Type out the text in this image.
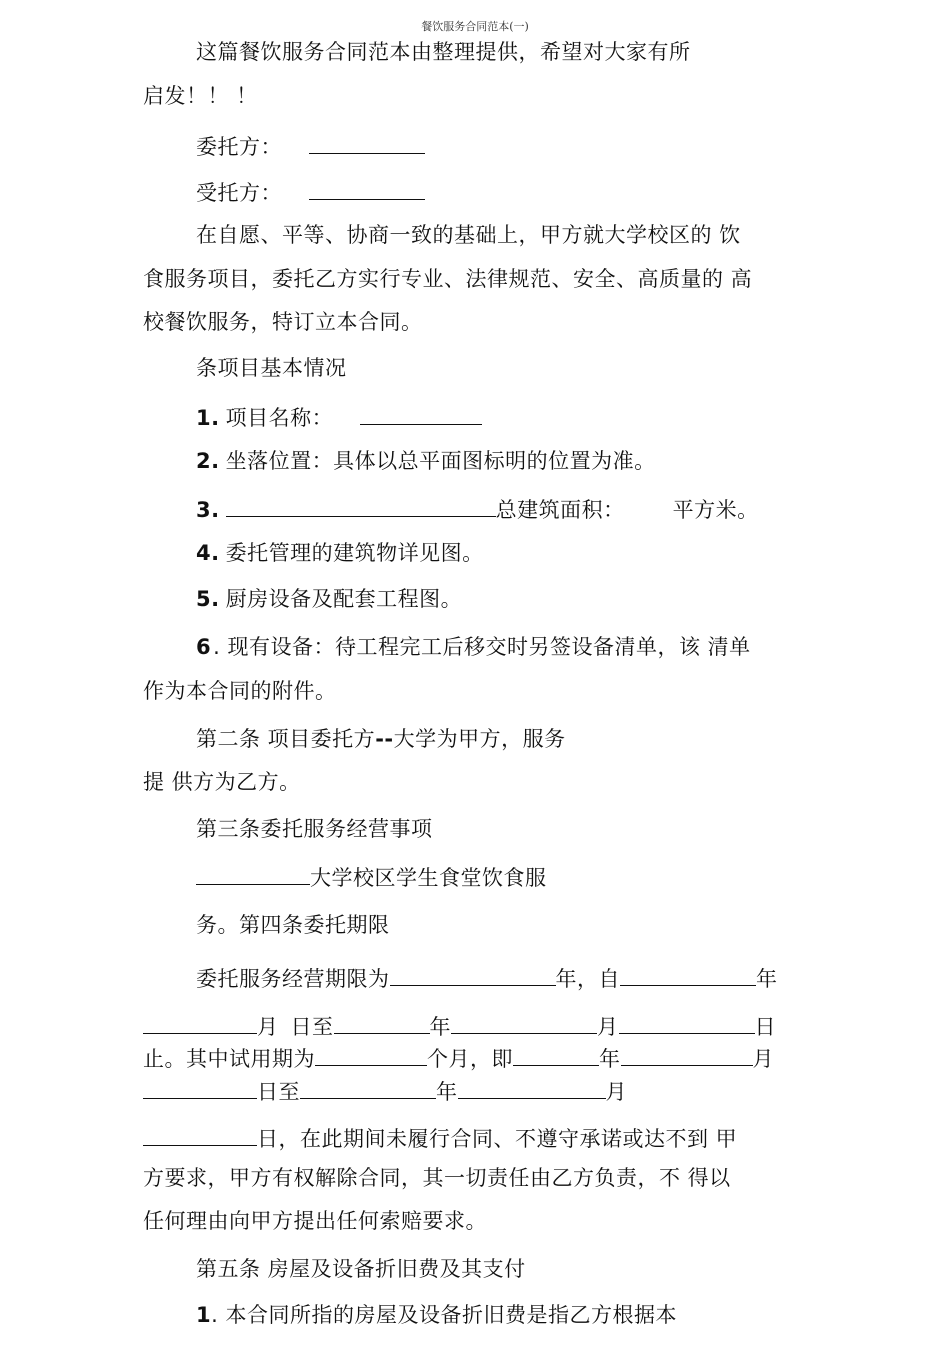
餐饮服务合同范本(一)
这篇餐饮服务合同范本由整理提供，希望对大家有所
启发！！ ！
委托方：
受托方：
在自愿、平等、协商一致的基础上，甲方就大学校区的 饮
食服务项目，委托乙方实行专业、法律规范、安全、高质量的 高
校餐饮服务，特订立本合同。
条项目基本情况
1. 项目名称：
2. 坐落位置：具体以总平面图标明的位置为准。
3.	总建筑面积： 平方米。
4. 委托管理的建筑物详见图。
5. 厨房设备及配套工程图。
6. 现有设备：待工程完工后移交时另签设备清单，该 清单
作为本合同的附件。
第二条 项目委托方--大学为甲方，服务
提 供方为乙方。
第三条委托服务经营事项
大学校区学生食堂饮食服
务。第四条委托期限
委托服务经营期限为	年，自	年
月 日至	年	月	日
止。其中试用期为	个月，即	年	月
日至	年	月
日，在此期间未履行合同、不遵守承诺或达不到 甲
方要求，甲方有权解除合同，其一切责任由乙方负责，不 得以
任何理由向甲方提出任何索赔要求。
第五条 房屋及设备折旧费及其支付
1. 本合同所指的房屋及设备折旧费是指乙方根据本
